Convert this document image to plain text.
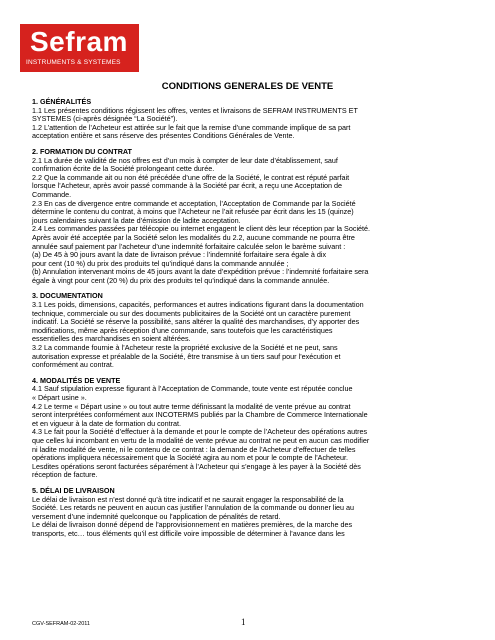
Sefram
INSTRUMENTS & SYSTEMES
CONDITIONS GENERALES DE VENTE
1. GÉNÉRALITÉS
1.1 Les présentes conditions régissent les offres, ventes et livraisons de SEFRAM INSTRUMENTS ET
SYSTEMES (ci-après désignée “La Société”).
1.2 L’attention de l’Acheteur est attirée sur le fait que la remise d’une commande implique de sa part
acceptation entière et sans réserve des présentes Conditions Générales de Vente.
2. FORMATION DU CONTRAT
2.1 La durée de validité de nos offres est d’un mois à compter de leur date d’établissement, sauf
confirmation écrite de la Société prolongeant cette durée.
2.2 Que la commande ait ou non été précédée d’une offre de la Société, le contrat est réputé parfait
lorsque l’Acheteur, après avoir passé commande à la Société par écrit, a reçu une Acceptation de
Commande.
2.3 En cas de divergence entre commande et acceptation, l’Acceptation de Commande par la Société
détermine le contenu du contrat, à moins que l’Acheteur ne l’ait refusée par écrit dans les 15 (quinze)
jours calendaires suivant la date d’émission de ladite acceptation.
2.4 Les commandes passées par télécopie ou internet engagent le client dès leur réception par la Société.
Après avoir été acceptée par la Société selon les modalités du 2.2, aucune commande ne pourra être
annulée sauf paiement par l’acheteur d’une indemnité forfaitaire calculée selon le barème suivant :
(a) De 45 à 90 jours avant la date de livraison prévue : l’indemnité forfaitaire sera égale à dix
pour cent (10 %) du prix des produits tel qu’indiqué dans la commande annulée ;
(b) Annulation intervenant moins de 45 jours avant la date d’expédition prévue : l’indemnité forfaitaire sera
égale à vingt pour cent (20 %) du prix des produits tel qu’indiqué dans la commande annulée.
3. DOCUMENTATION
3.1 Les poids, dimensions, capacités, performances et autres indications figurant dans la documentation
technique, commerciale ou sur des documents publicitaires de la Société ont un caractère purement
indicatif. La Société se réserve la possibilité, sans altérer la qualité des marchandises, d’y apporter des
modifications, même après réception d’une commande, sans toutefois que les caractéristiques
essentielles des marchandises en soient altérées.
3.2 La commande fournie à l’Acheteur reste la propriété exclusive de la Société et ne peut, sans
autorisation expresse et préalable de la Société, être transmise à un tiers sauf pour l’exécution et
conformément au contrat.
4. MODALITÉS DE VENTE
4.1 Sauf stipulation expresse figurant à l’Acceptation de Commande, toute vente est réputée conclue
« Départ usine ».
4.2 Le terme « Départ usine » ou tout autre terme définissant la modalité de vente prévue au contrat
seront interprétées conformément aux INCOTERMS publiés par la Chambre de Commerce Internationale
et en vigueur à la date de formation du contrat.
4.3 Le fait pour la Société d’effectuer à la demande et pour le compte de l’Acheteur des opérations autres
que celles lui incombant en vertu de la modalité de vente prévue au contrat ne peut en aucun cas modifier
ni ladite modalité de vente, ni le contenu de ce contrat : la demande de l’Acheteur d’effectuer de telles
opérations impliquera nécessairement que la Société agira au nom et pour le compte de l’Acheteur.
Lesdites opérations seront facturées séparément à l’Acheteur qui s’engage à les payer à la Société dès
réception de facture.
5. DÉLAI DE LIVRAISON
Le délai de livraison est n’est donné qu’à titre indicatif et ne saurait engager la responsabilité de la
Société. Les retards ne peuvent en aucun cas justifier l’annulation de la commande ou donner lieu au
versement d’une indemnité quelconque ou l’application de pénalités de retard.
Le délai de livraison donné dépend de l’approvisionnement en matières premières, de la marche des
transports, etc… tous éléments qu’il est difficile voire impossible de déterminer à l’avance dans les
CGV-SEFRAM-02-2011	1
